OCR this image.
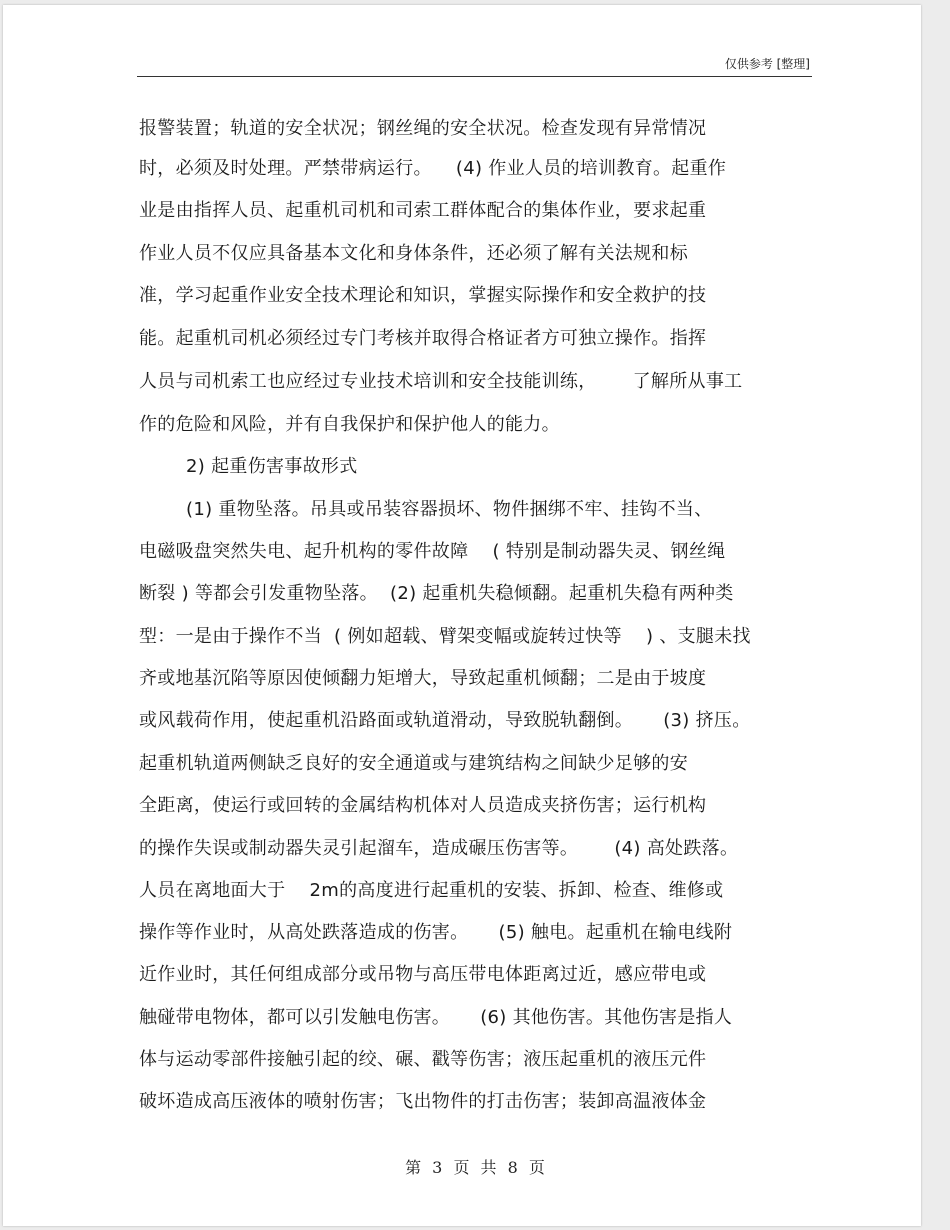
仅供参考 [整理]
报警装置；轨道的安全状况；钢丝绳的安全状况。检查发现有异常情况
时，必须及时处理。严禁带病运行。    (4) 作业人员的培训教育。起重作
业是由指挥人员、起重机司机和司索工群体配合的集体作业，要求起重
作业人员不仅应具备基本文化和身体条件，还必须了解有关法规和标
准，学习起重作业安全技术理论和知识，掌握实际操作和安全救护的技
能。起重机司机必须经过专门考核并取得合格证者方可独立操作。指挥
人员与司机索工也应经过专业技术培训和安全技能训练，      了解所从事工
作的危险和风险，并有自我保护和保护他人的能力。
2) 起重伤害事故形式
(1) 重物坠落。吊具或吊装容器损坏、物件捆绑不牢、挂钩不当、
电磁吸盘突然失电、起升机构的零件故障    ( 特别是制动器失灵、钢丝绳
断裂 ) 等都会引发重物坠落。  (2) 起重机失稳倾翻。起重机失稳有两种类
型：一是由于操作不当  ( 例如超载、臂架变幅或旋转过快等    ) 、支腿未找
齐或地基沉陷等原因使倾翻力矩增大，导致起重机倾翻；二是由于坡度
或风载荷作用，使起重机沿路面或轨道滑动，导致脱轨翻倒。     (3) 挤压。
起重机轨道两侧缺乏良好的安全通道或与建筑结构之间缺少足够的安
全距离，使运行或回转的金属结构机体对人员造成夹挤伤害；运行机构
的操作失误或制动器失灵引起溜车，造成碾压伤害等。      (4) 高处跌落。
人员在离地面大于    2m的高度进行起重机的安装、拆卸、检查、维修或
操作等作业时，从高处跌落造成的伤害。     (5) 触电。起重机在输电线附
近作业时，其任何组成部分或吊物与高压带电体距离过近，感应带电或
触碰带电物体，都可以引发触电伤害。     (6) 其他伤害。其他伤害是指人
体与运动零部件接触引起的绞、碾、戳等伤害；液压起重机的液压元件
破坏造成高压液体的喷射伤害；飞出物件的打击伤害；装卸高温液体金
第 3 页 共 8 页
